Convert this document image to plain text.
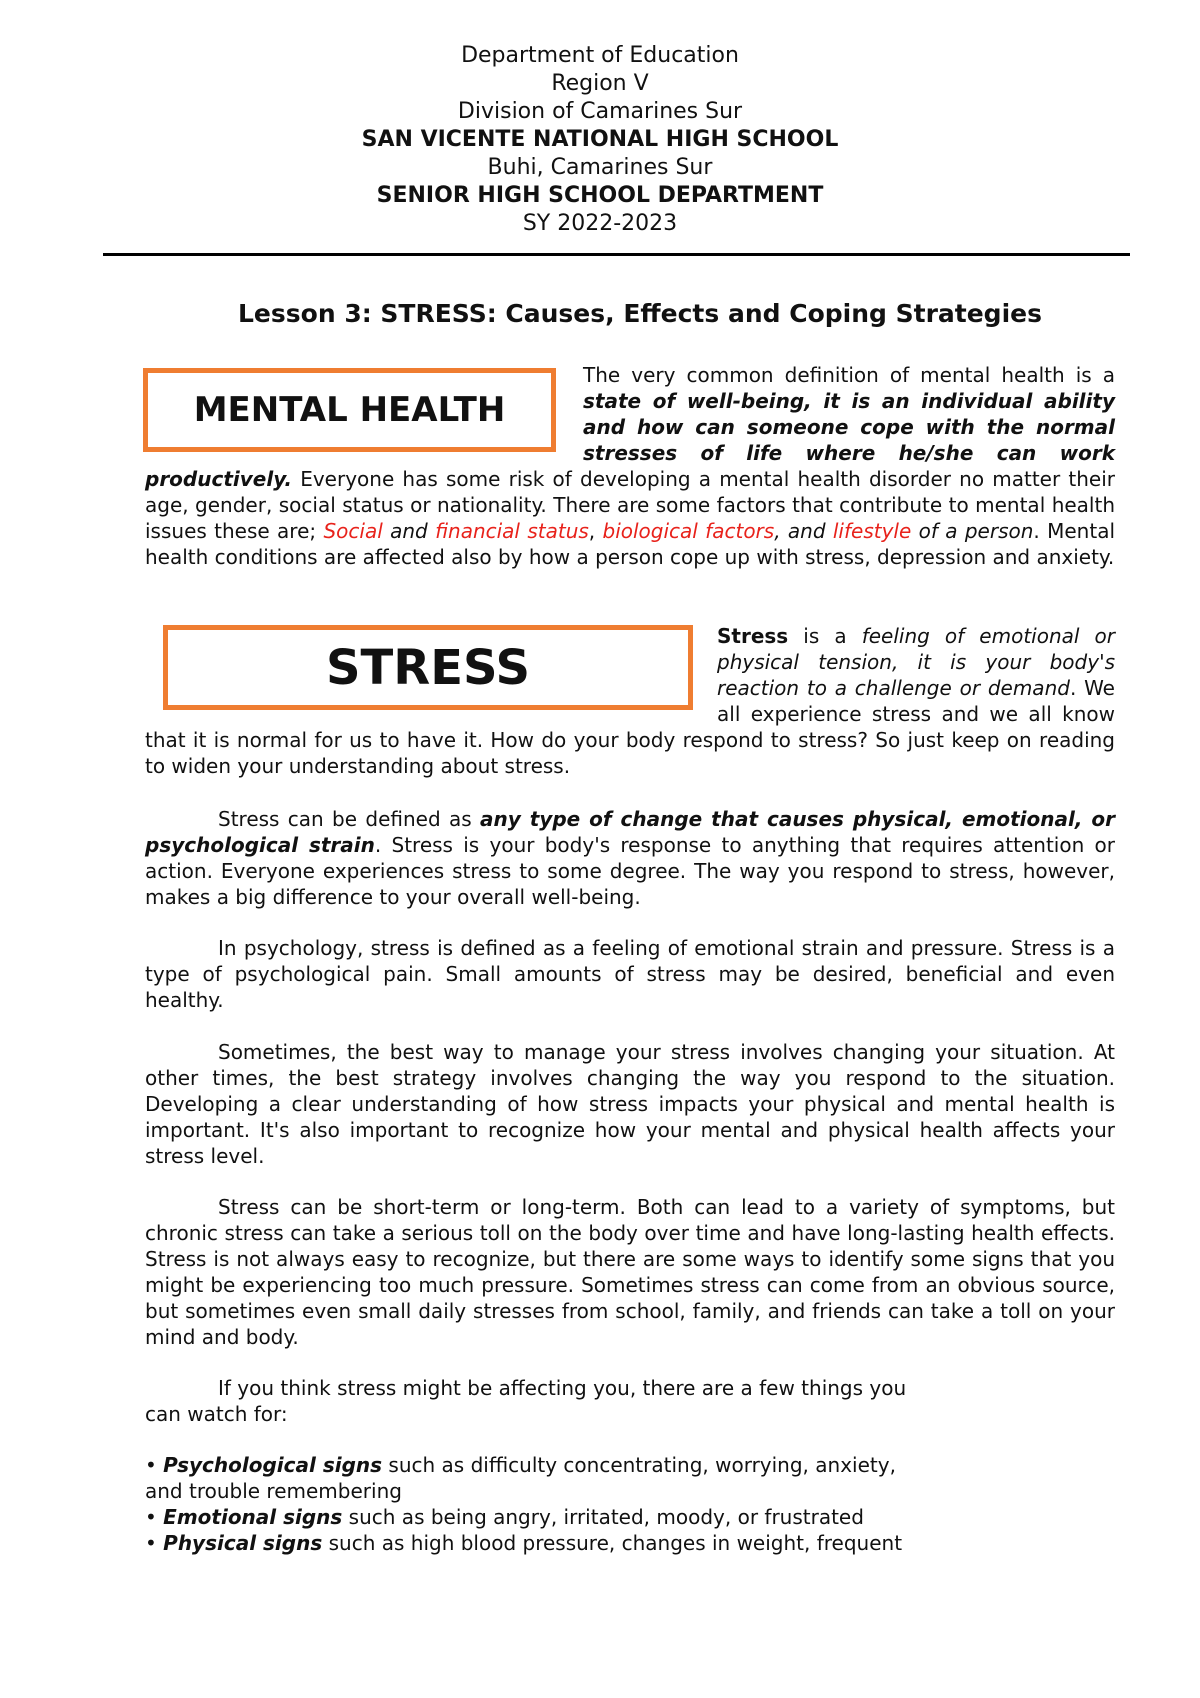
Department of Education
Region V
Division of Camarines Sur
SAN VICENTE NATIONAL HIGH SCHOOL
Buhi, Camarines Sur
SENIOR HIGH SCHOOL DEPARTMENT
SY 2022-2023
Lesson 3: STRESS: Causes, Effects and Coping Strategies
MENTAL HEALTH
STRESS
The very common definition of mental health is a state of well-being, it is an individual ability and how can someone cope with the normal stresses of life where he/she can work productively. Everyone has some risk of developing a mental health disorder no matter their age, gender, social status or nationality. There are some factors that contribute to mental health issues these are; Social and financial status, biological factors, and lifestyle of a person. Mental health conditions are affected also by how a person cope up with stress, depression and anxiety.
Stress is a feeling of emotional or physical tension, it is your body's reaction to a challenge or demand. We all experience stress and we all know that it is normal for us to have it. How do your body respond to stress? So just keep on reading to widen your understanding about stress.
Stress can be defined as any type of change that causes physical, emotional, or psychological strain. Stress is your body's response to anything that requires attention or action. Everyone experiences stress to some degree. The way you respond to stress, however, makes a big difference to your overall well-being.
In psychology, stress is defined as a feeling of emotional strain and pressure. Stress is a type of psychological pain. Small amounts of stress may be desired, beneficial and even healthy.
Sometimes, the best way to manage your stress involves changing your situation. At other times, the best strategy involves changing the way you respond to the situation. Developing a clear understanding of how stress impacts your physical and mental health is important. It's also important to recognize how your mental and physical health affects your stress level.
Stress can be short-term or long-term. Both can lead to a variety of symptoms, but chronic stress can take a serious toll on the body over time and have long-lasting health effects. Stress is not always easy to recognize, but there are some ways to identify some signs that you might be experiencing too much pressure. Sometimes stress can come from an obvious source, but sometimes even small daily stresses from school, family, and friends can take a toll on your mind and body.
If you think stress might be affecting you, there are a few things you
can watch for:
• Psychological signs such as difficulty concentrating, worrying, anxiety,
and trouble remembering
• Emotional signs such as being angry, irritated, moody, or frustrated
• Physical signs such as high blood pressure, changes in weight, frequent
